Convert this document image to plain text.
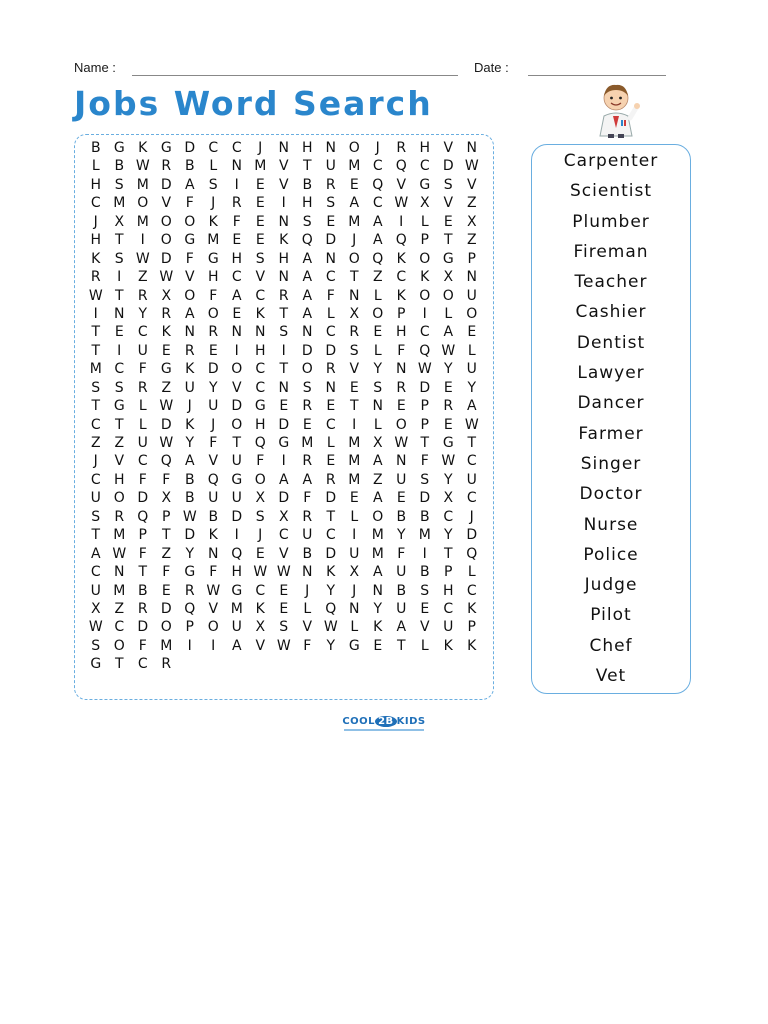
Name :	Date :
Jobs Word Search
B G K G D C C	J	N H N O	J	R H V N
L	B W R B	L	N M V	T	U M C Q C D W
H S M D A	S	I	E	V B R	E Q V G S	V
C M O V	F	J	R	E	I	H S	A C W X V Z
J	X M O O K	F	E N S	E M A	I	L	E	X
H T	I	O G M E	E	K Q D	J	A Q P	T	Z
K	S W D	F	G H S H A N O Q K O G P
R	I	Z W V H C V N A C	T	Z C	K	X N
W T	R X O F	A C R A	F	N	L	K O O U
I	N Y	R A O E	K	T	A	L	X O P	I	L	O
T	E	C	K N R N N S N C R	E H C A	E
T	I	U E	R	E	I	H	I	D D S	L	F Q W L
M C	F	G K D O C	T O R V	Y N W Y	U
S	S	R Z U	Y	V C N S N E	S	R D E	Y
T G	L W	J	U D G E	R	E	T N E	P	R A
C	T	L	D K	J	O H D E	C	I	L	O P	E W
Z Z U W Y	F	T Q G M L M X W T G T
J	V C Q A V U	F	I	R	E M A N	F W C
C H	F	F	B Q G O A A R M Z U S	Y	U
U O D X B U U X D	F	D E	A	E D X C
S	R Q P W B D S	X R	T	L	O B B C	J
T M P	T D K	I	J	C U C	I	M Y M Y D
A W F	Z	Y N Q E	V B D U M F	I	T Q
C N T	F	G	F	H W W N K	X A U B	P	L
U M B	E	R W G C	E	J	Y	J	N B	S H C
X Z R D Q V M K	E	L	Q N Y	U E	C	K
W C D O P O U X	S	V W L	K	A V U	P
S O F M	I	I	A V W F	Y G E	T	L	K	K
G T	C R
Carpenter
Scientist
Plumber
Fireman
Teacher
Cashier
Dentist
Lawyer
Dancer
Farmer
Singer
Doctor
Nurse
Police
Judge
Pilot
Chef
Vet
COOL 2B KIDS
